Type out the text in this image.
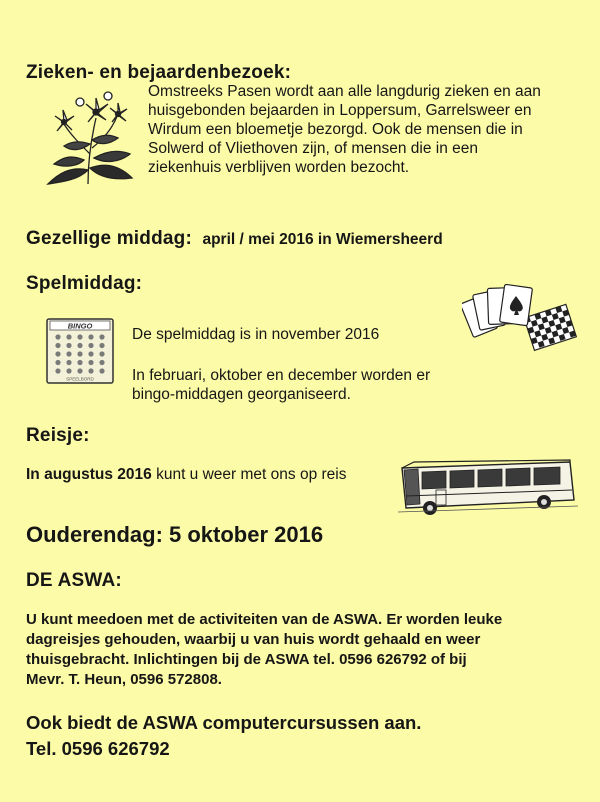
Zieken- en bejaardenbezoek:
Omstreeks Pasen wordt aan alle langdurig zieken en aan
huisgebonden bejaarden in Loppersum, Garrelsweer en
Wirdum een bloemetje bezorgd. Ook de mensen die in
Solwerd of Vliethoven zijn, of mensen die in een
ziekenhuis verblijven worden bezocht.
Gezellige middag: april / mei 2016 in Wiemersheerd
Spelmiddag:
BINGO
SPEELBORD
De spelmiddag is in november 2016
In februari, oktober en december worden er
bingo-middagen georganiseerd.
Reisje:
In augustus 2016 kunt u weer met ons op reis
Ouderendag: 5 oktober 2016
DE ASWA:
U kunt meedoen met de activiteiten van de ASWA. Er worden leuke
dagreisjes gehouden, waarbij u van huis wordt gehaald en weer
thuisgebracht. Inlichtingen bij de ASWA tel. 0596 626792 of bij
Mevr. T. Heun, 0596 572808.
Ook biedt de ASWA computercursussen aan.
Tel. 0596 626792
